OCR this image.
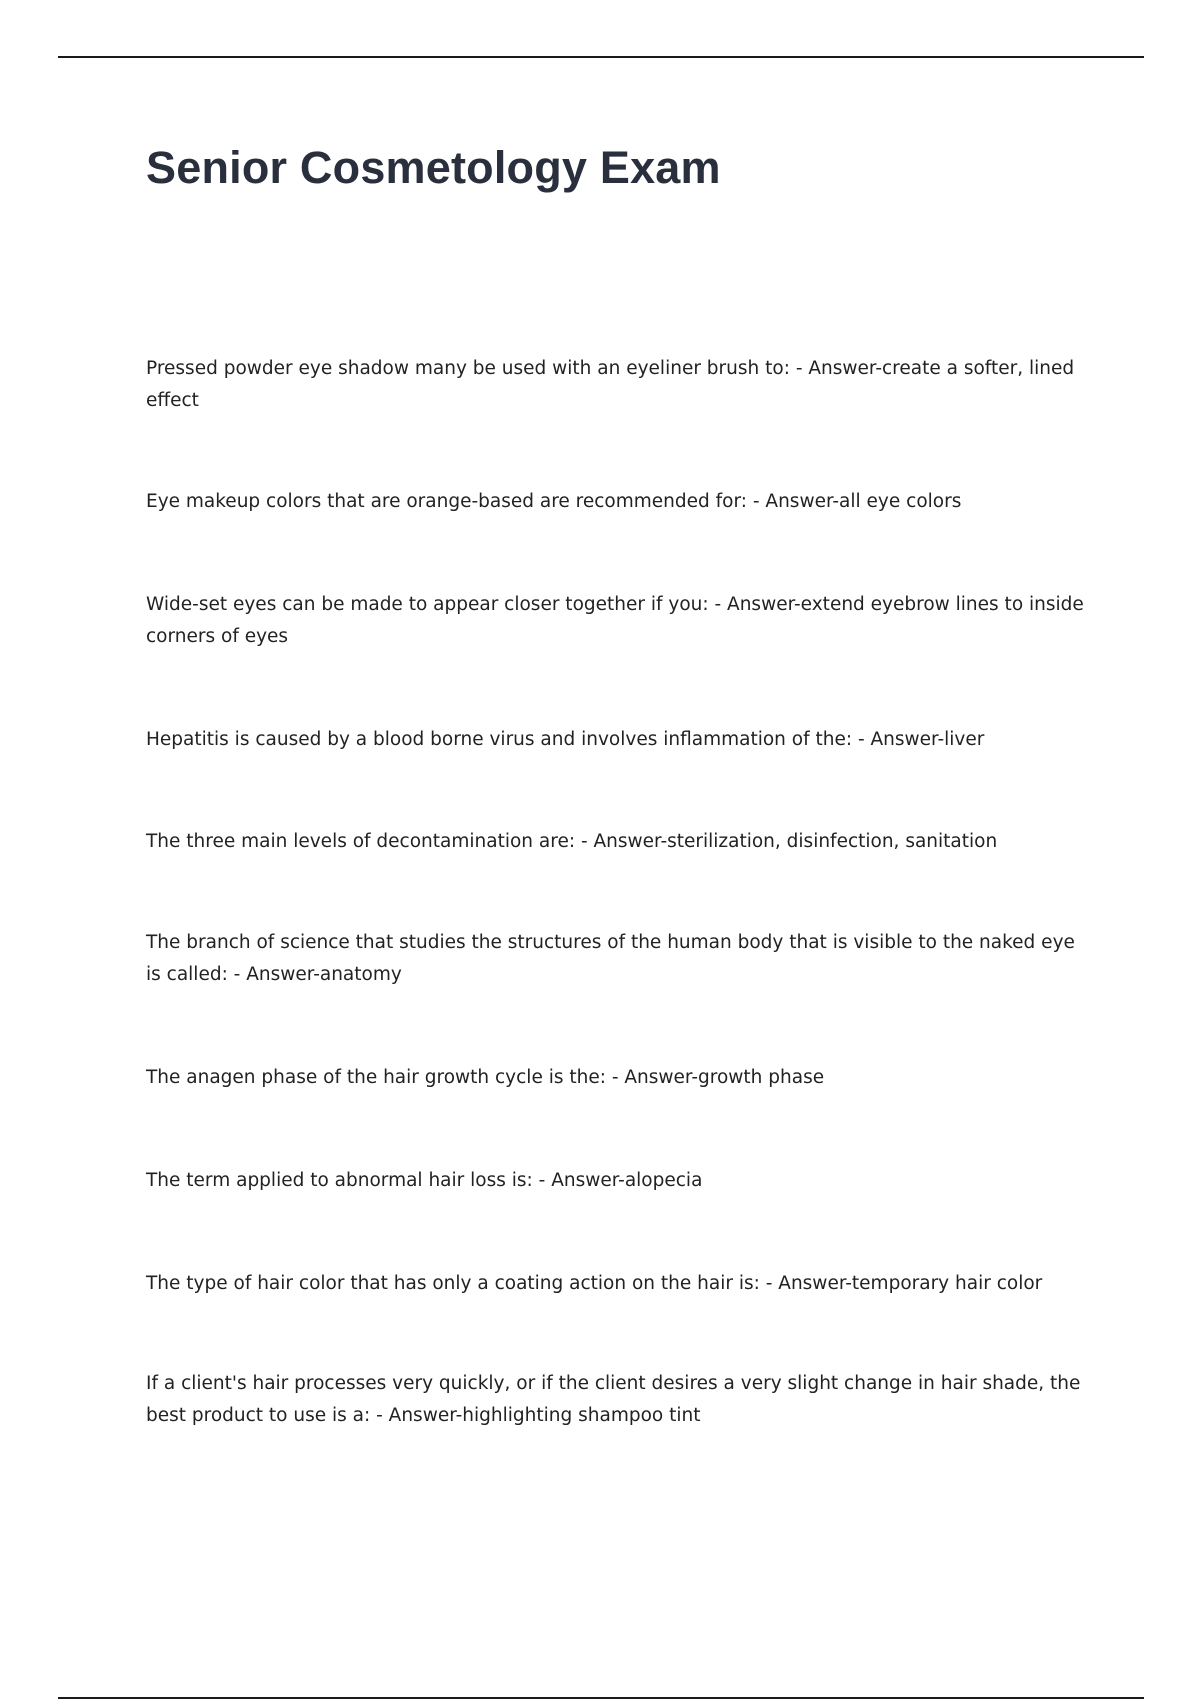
Senior Cosmetology Exam

Pressed powder eye shadow many be used with an eyeliner brush to: - Answer-create a softer, lined effect

Eye makeup colors that are orange-based are recommended for: - Answer-all eye colors

Wide-set eyes can be made to appear closer together if you: - Answer-extend eyebrow lines to inside corners of eyes

Hepatitis is caused by a blood borne virus and involves inflammation of the: - Answer-liver

The three main levels of decontamination are: - Answer-sterilization, disinfection, sanitation

The branch of science that studies the structures of the human body that is visible to the naked eye is called: - Answer-anatomy

The anagen phase of the hair growth cycle is the: - Answer-growth phase

The term applied to abnormal hair loss is: - Answer-alopecia

The type of hair color that has only a coating action on the hair is: - Answer-temporary hair color

If a client's hair processes very quickly, or if the client desires a very slight change in hair shade, the best product to use is a: - Answer-highlighting shampoo tint
